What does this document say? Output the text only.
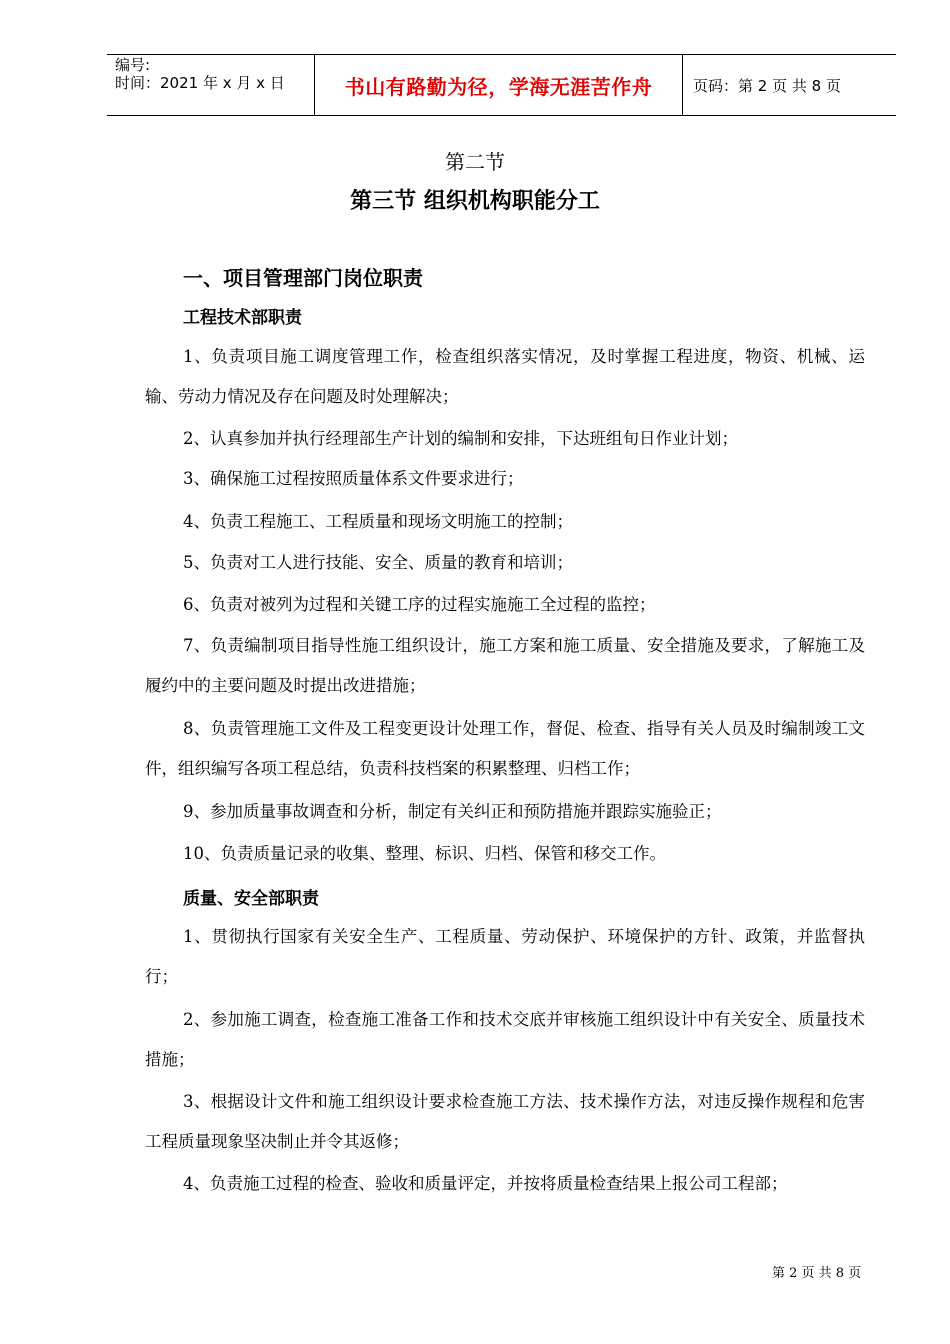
编号:
时间：2021 年 x 月 x 日	书山有路勤为径，学海无涯苦作舟	页码：第 2 页 共 8 页
第二节
第三节 组织机构职能分工
一、项目管理部门岗位职责
工程技术部职责
1、负责项目施工调度管理工作，检查组织落实情况，及时掌握工程进度，物资、机械、运输、劳动力情况及存在问题及时处理解决；
2、认真参加并执行经理部生产计划的编制和安排，下达班组旬日作业计划；
3、确保施工过程按照质量体系文件要求进行；
4、负责工程施工、工程质量和现场文明施工的控制；
5、负责对工人进行技能、安全、质量的教育和培训；
6、负责对被列为过程和关键工序的过程实施施工全过程的监控；
7、负责编制项目指导性施工组织设计，施工方案和施工质量、安全措施及要求，了解施工及履约中的主要问题及时提出改进措施；
8、负责管理施工文件及工程变更设计处理工作，督促、检查、指导有关人员及时编制竣工文件，组织编写各项工程总结，负责科技档案的积累整理、归档工作；
9、参加质量事故调查和分析，制定有关纠正和预防措施并跟踪实施验正；
10、负责质量记录的收集、整理、标识、归档、保管和移交工作。
质量、安全部职责
1、贯彻执行国家有关安全生产、工程质量、劳动保护、环境保护的方针、政策，并监督执行；
2、参加施工调查，检查施工准备工作和技术交底并审核施工组织设计中有关安全、质量技术措施；
3、根据设计文件和施工组织设计要求检查施工方法、技术操作方法，对违反操作规程和危害工程质量现象坚决制止并令其返修；
4、负责施工过程的检查、验收和质量评定，并按将质量检查结果上报公司工程部；
第 2 页 共 8 页
